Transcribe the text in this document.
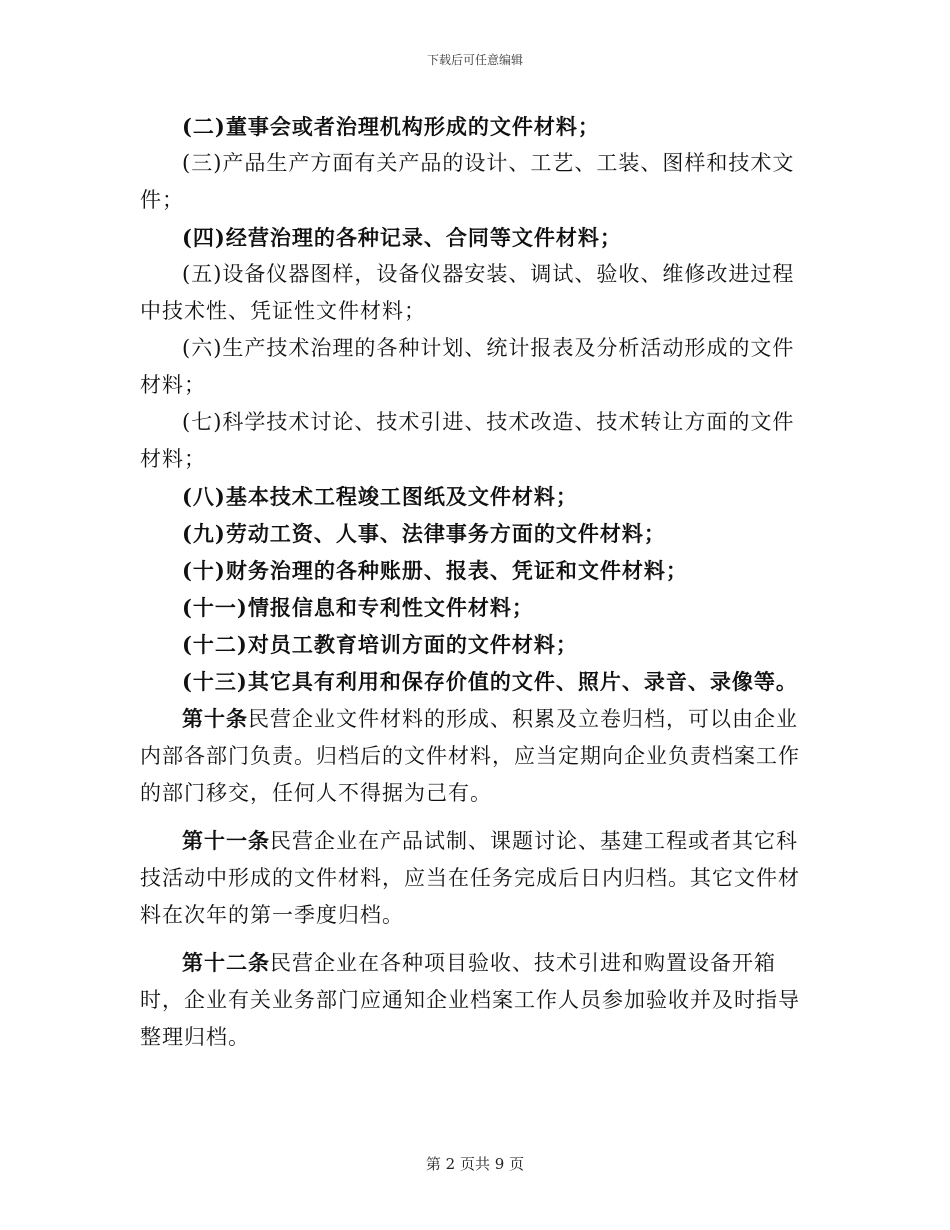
下载后可任意编辑

(二)董事会或者治理机构形成的文件材料；

(三)产品生产方面有关产品的设计、工艺、工装、图样和技术文件；

(四)经营治理的各种记录、合同等文件材料；

(五)设备仪器图样，设备仪器安装、调试、验收、维修改进过程中技术性、凭证性文件材料；

(六)生产技术治理的各种计划、统计报表及分析活动形成的文件材料；

(七)科学技术讨论、技术引进、技术改造、技术转让方面的文件材料；

(八)基本技术工程竣工图纸及文件材料；

(九)劳动工资、人事、法律事务方面的文件材料；

(十)财务治理的各种账册、报表、凭证和文件材料；

(十一)情报信息和专利性文件材料；

(十二)对员工教育培训方面的文件材料；

(十三)其它具有利用和保存价值的文件、照片、录音、录像等。

第十条民营企业文件材料的形成、积累及立卷归档，可以由企业内部各部门负责。归档后的文件材料，应当定期向企业负责档案工作的部门移交，任何人不得据为己有。

第十一条民营企业在产品试制、课题讨论、基建工程或者其它科技活动中形成的文件材料，应当在任务完成后日内归档。其它文件材料在次年的第一季度归档。

第十二条民营企业在各种项目验收、技术引进和购置设备开箱时，企业有关业务部门应通知企业档案工作人员参加验收并及时指导整理归档。

第 2 页共 9 页
